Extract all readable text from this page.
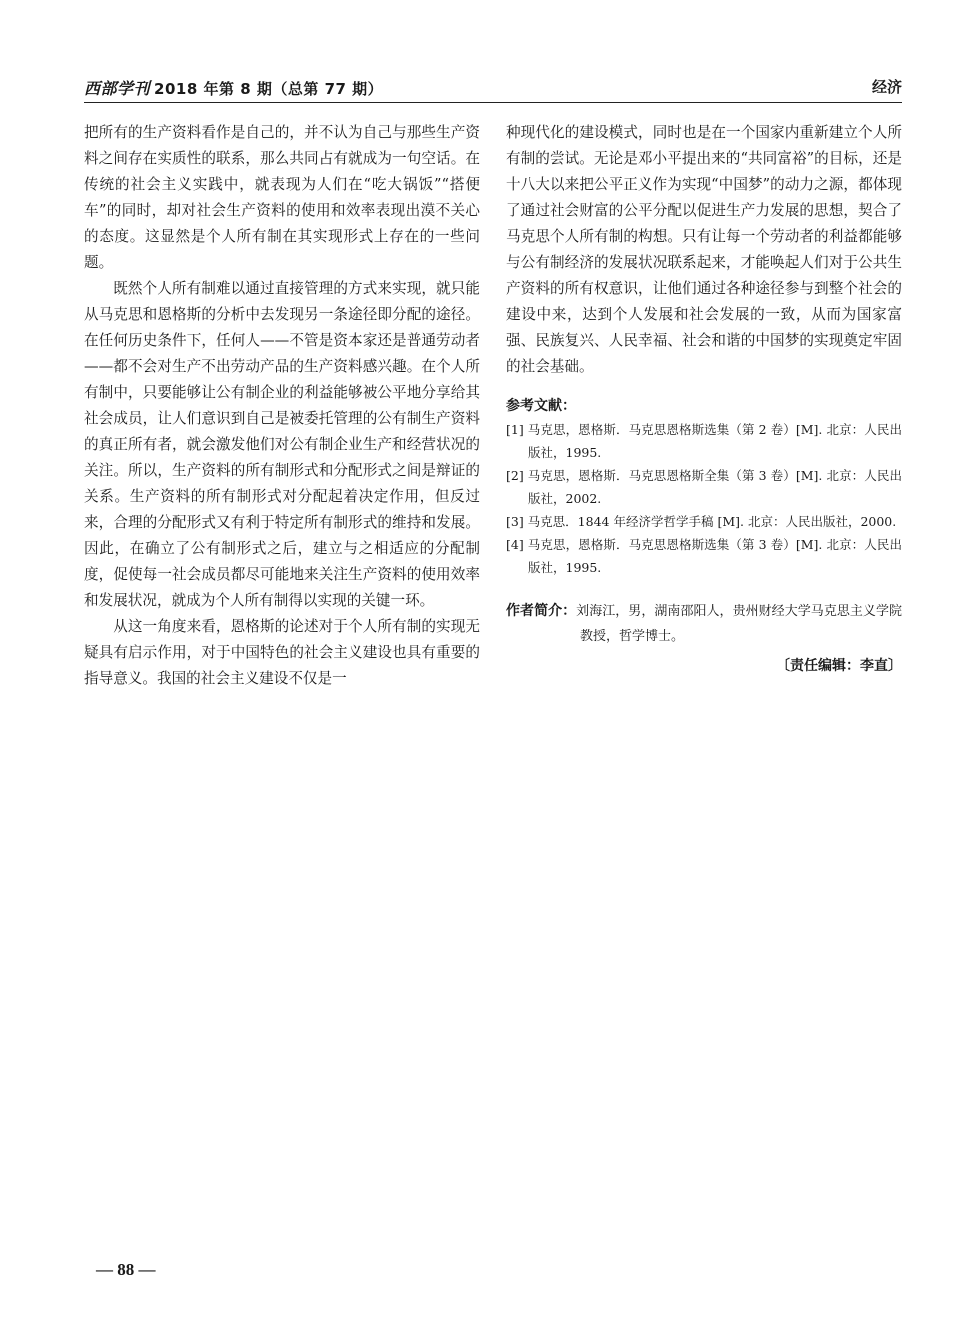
西部学刊 2018 年第 8 期（总第 77 期）	经济

把所有的生产资料看作是自己的，并不认为自己与那些生产资料之间存在实质性的联系，那么共同占有就成为一句空话。在传统的社会主义实践中，就表现为人们在“吃大锅饭”“搭便车”的同时，却对社会生产资料的使用和效率表现出漠不关心的态度。这显然是个人所有制在其实现形式上存在的一些问题。

既然个人所有制难以通过直接管理的方式来实现，就只能从马克思和恩格斯的分析中去发现另一条途径即分配的途径。在任何历史条件下，任何人——不管是资本家还是普通劳动者——都不会对生产不出劳动产品的生产资料感兴趣。在个人所有制中，只要能够让公有制企业的利益能够被公平地分享给其社会成员，让人们意识到自己是被委托管理的公有制生产资料的真正所有者，就会激发他们对公有制企业生产和经营状况的关注。所以，生产资料的所有制形式和分配形式之间是辩证的关系。生产资料的所有制形式对分配起着决定作用，但反过来，合理的分配形式又有利于特定所有制形式的维持和发展。因此，在确立了公有制形式之后，建立与之相适应的分配制度，促使每一社会成员都尽可能地来关注生产资料的使用效率和发展状况，就成为个人所有制得以实现的关键一环。

从这一角度来看，恩格斯的论述对于个人所有制的实现无疑具有启示作用，对于中国特色的社会主义建设也具有重要的指导意义。我国的社会主义建设不仅是一

种现代化的建设模式，同时也是在一个国家内重新建立个人所有制的尝试。无论是邓小平提出来的“共同富裕”的目标，还是十八大以来把公平正义作为实现“中国梦”的动力之源，都体现了通过社会财富的公平分配以促进生产力发展的思想，契合了马克思个人所有制的构想。只有让每一个劳动者的利益都能够与公有制经济的发展状况联系起来，才能唤起人们对于公共生产资料的所有权意识，让他们通过各种途径参与到整个社会的建设中来，达到个人发展和社会发展的一致，从而为国家富强、民族复兴、人民幸福、社会和谐的中国梦的实现奠定牢固的社会基础。

参考文献：
[1] 马克思，恩格斯．马克思恩格斯选集（第 2 卷）[M]. 北京：人民出版社，1995.
[2] 马克思，恩格斯．马克思恩格斯全集（第 3 卷）[M]. 北京：人民出版社，2002.
[3] 马克思．1844 年经济学哲学手稿 [M]. 北京：人民出版社，2000.
[4] 马克思，恩格斯．马克思恩格斯选集（第 3 卷）[M]. 北京：人民出版社，1995.
作者简介：刘海江，男，湖南邵阳人，贵州财经大学马克思主义学院教授，哲学博士。
〔责任编辑：李直〕
— 88 —
